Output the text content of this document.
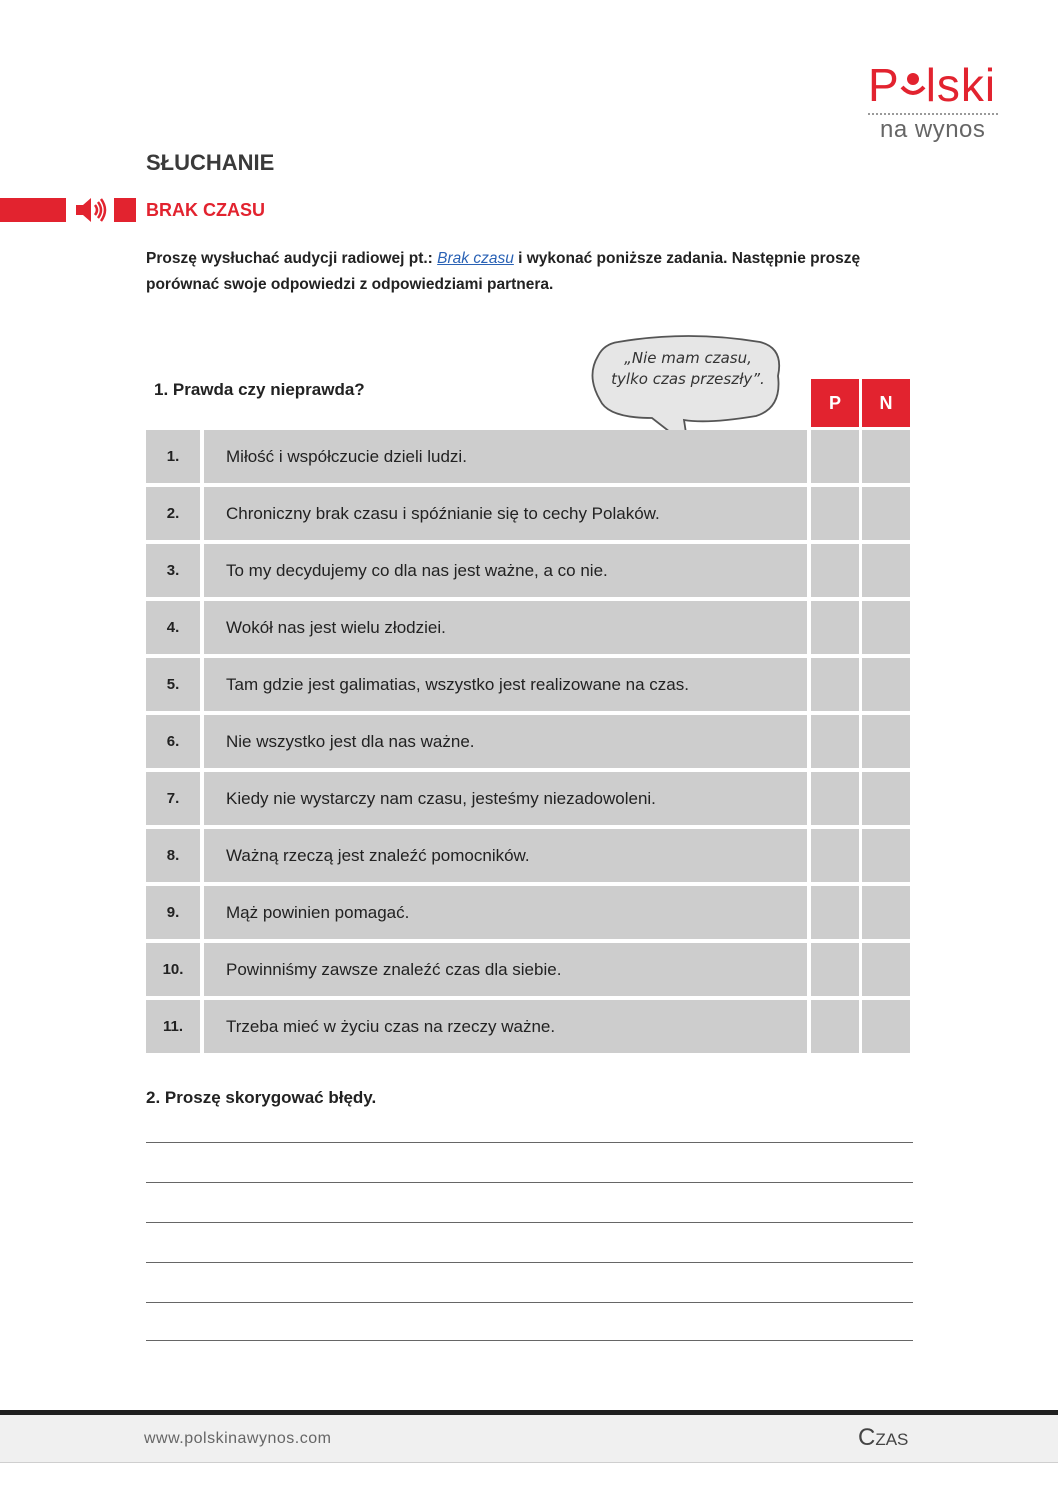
P lski
na wynos
SŁUCHANIE
BRAK CZASU
Proszę wysłuchać audycji radiowej pt.: Brak czasu i wykonać poniższe zadania. Następnie proszę porównać swoje odpowiedzi z odpowiedziami partnera.
1. Prawda czy nieprawda?
„Nie mam czasu, tylko czas przeszły”.
P	N
1.	Miłość i współczucie dzieli ludzi.
2.	Chroniczny brak czasu i spóźnianie się to cechy Polaków.
3.	To my decydujemy co dla nas jest ważne, a co nie.
4.	Wokół nas jest wielu złodziei.
5.	Tam gdzie jest galimatias, wszystko jest realizowane na czas.
6.	Nie wszystko jest dla nas ważne.
7.	Kiedy nie wystarczy nam czasu, jesteśmy niezadowoleni.
8.	Ważną rzeczą jest znaleźć pomocników.
9.	Mąż powinien pomagać.
10.	Powinniśmy zawsze znaleźć czas dla siebie.
11.	Trzeba mieć w życiu czas na rzeczy ważne.
2. Proszę skorygować błędy.
www.polskinawynos.com	Czas
